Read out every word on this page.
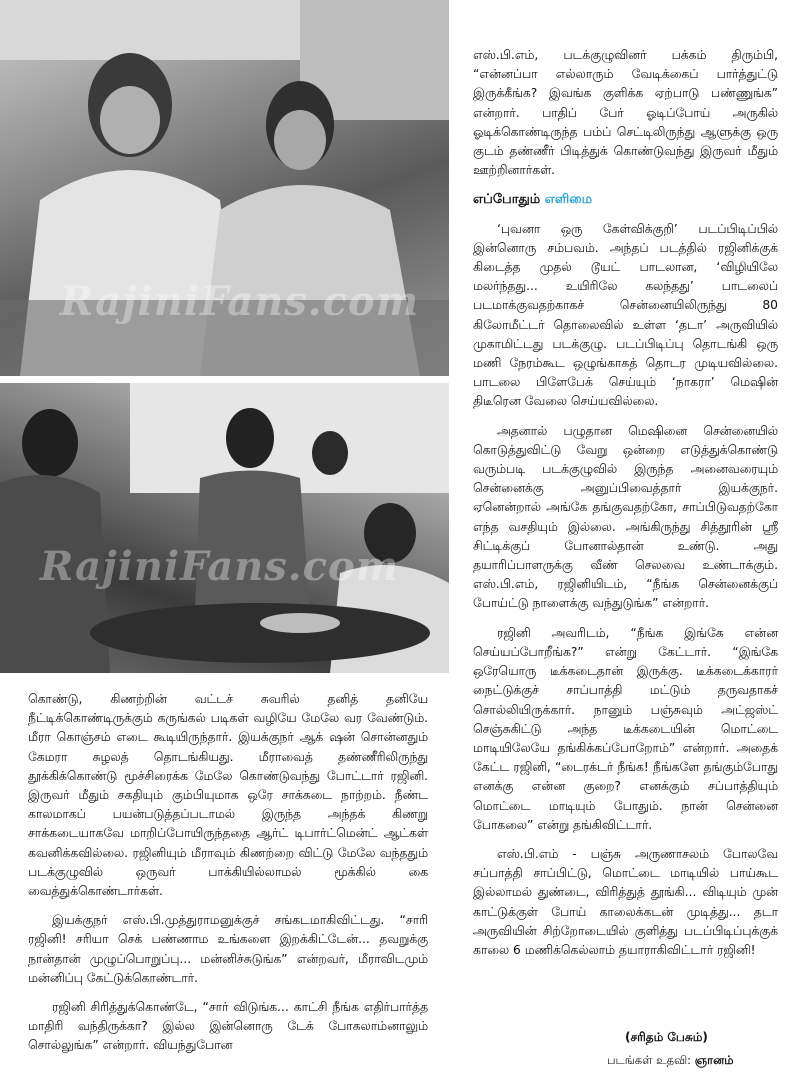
RajiniFans.com
RajiniFans.com

கொண்டு, கிணற்றின் வட்டச் சுவரில் தனித் தனியே நீட்டிக்கொண்டிருக்கும் கருங்கல் படிகள் வழியே மேலே வர வேண்டும். மீரா கொஞ்சம் எடை கூடியிருந்தார். இயக்குநர் ஆக் ஷன் சொன்னதும் கேமரா சுழலத் தொடங்கியது. மீராவைத் தண்ணீரிலிருந்து தூக்கிக்கொண்டு மூச்சிரைக்க மேலே கொண்டுவந்து போட்டார் ரஜினி. இருவர் மீதும் சகதியும் கும்பியுமாக ஒரே சாக்கடை நாற்றம். நீண்ட காலமாகப் பயன்படுத்தப்படாமல் இருந்த அந்தக் கிணறு சாக்கடையாகவே மாறிப்போயிருந்ததை ஆர்ட் டிபார்ட்மென்ட் ஆட்கள் கவனிக்கவில்லை. ரஜினியும் மீராவும் கிணற்றை விட்டு மேலே வந்ததும் படக்குழுவில் ஒருவர் பாக்கியில்லாமல் மூக்கில் கை வைத்துக்கொண்டார்கள்.

இயக்குநர் எஸ்.பி.முத்துராமனுக்குச் சங்கடமாகிவிட்டது. “சாரி ரஜினி! சரியா செக் பண்ணாம உங்களை இறக்கிட்டேன்... தவறுக்கு நான்தான் முழுப்பொறுப்பு... மன்னிச்சுடுங்க” என்றவர், மீராவிடமும் மன்னிப்பு கேட்டுக்கொண்டார்.

ரஜினி சிரித்துக்கொண்டே, “சார் விடுங்க... காட்சி நீங்க எதிர்பார்த்த மாதிரி வந்திருக்கா? இல்ல இன்னொரு டேக் போகலாம்னாலும் சொல்லுங்க” என்றார். வியந்துபோன

எஸ்.பி.எம், படக்குழுவினர் பக்கம் திரும்பி, “என்னப்பா எல்லாரும் வேடிக்கைப் பார்த்துட்டு இருக்கீங்க? இவங்க குளிக்க ஏற்பாடு பண்ணுங்க” என்றார். பாதிப் பேர் ஓடிப்போய் அருகில் ஓடிக்கொண்டிருந்த பம்ப் செட்டிலிருந்து ஆளுக்கு ஒரு குடம் தண்ணீர் பிடித்துக் கொண்டுவந்து இருவர் மீதும் ஊற்றினார்கள்.

எப்போதும் எளிமை

‘புவனா ஒரு கேள்விக்குறி’ படப்பிடிப்பில் இன்னொரு சம்பவம். அந்தப் படத்தில் ரஜினிக்குக் கிடைத்த முதல் டூயட் பாடலான, ‘விழியிலே மலர்ந்தது... உயிரிலே கலந்தது’ பாடலைப் படமாக்குவதற்காகச் சென்னையிலிருந்து 80 கிலோமீட்டர் தொலைவில் உள்ள ‘தடா’ அருவியில் முகாமிட்டது படக்குழு. படப்பிடிப்பு தொடங்கி ஒரு மணி நேரம்கூட ஒழுங்காகத் தொடர முடியவில்லை. பாடலை பிளேபேக் செய்யும் ‘நாகரா’ மெஷின் திடீரென வேலை செய்யவில்லை.

அதனால் பழுதான மெஷினை சென்னையில் கொடுத்துவிட்டு வேறு ஒன்றை எடுத்துக்கொண்டு வரும்படி படக்குழுவில் இருந்த அனைவரையும் சென்னைக்கு அனுப்பிவைத்தார் இயக்குநர். ஏனென்றால் அங்கே தங்குவதற்கோ, சாப்பிடுவதற்கோ எந்த வசதியும் இல்லை. அங்கிருந்து சித்தூரின் ஸ்ரீ சிட்டிக்குப் போனால்தான் உண்டு. அது தயாரிப்பாளருக்கு வீண் செலவை உண்டாக்கும். எஸ்.பி.எம், ரஜினியிடம், “நீங்க சென்னைக்குப் போய்ட்டு நாளைக்கு வந்துடுங்க” என்றார்.

ரஜினி அவரிடம், “நீங்க இங்கே என்ன செய்யப்போறீங்க?” என்று கேட்டார். “இங்கே ஒரேயொரு டீக்கடைதான் இருக்கு. டீக்கடைக்காரர் நைட்டுக்குச் சாப்பாத்தி மட்டும் தருவதாகச் சொல்லியிருக்கார். நானும் பஞ்சுவும் அட்ஜஸ்ட் செஞ்சுகிட்டு அந்த டீக்கடையின் மொட்டை மாடியிலேயே தங்கிக்கப்போறோம்” என்றார். அதைக் கேட்ட ரஜினி, “டைரக்டர் நீங்க! நீங்களே தங்கும்போது எனக்கு என்ன குறை? எனக்கும் சப்பாத்தியும் மொட்டை மாடியும் போதும். நான் சென்னை போகலை” என்று தங்கிவிட்டார்.

எஸ்.பி.எம் - பஞ்சு அருணாசலம் போலவே சப்பாத்தி சாப்பிட்டு, மொட்டை மாடியில் பாய்கூட இல்லாமல் துண்டை, விரித்துத் தூங்கி... விடியும் முன் காட்டுக்குள் போய் காலைக்கடன் முடித்து... தடா அருவியின் சிற்றோடையில் குளித்து படப்பிடிப்புக்குக் காலை 6 மணிக்கெல்லாம் தயாராகிவிட்டார் ரஜினி!

(சரிதம் பேசும்)
படங்கள் உதவி: ஞானம்
